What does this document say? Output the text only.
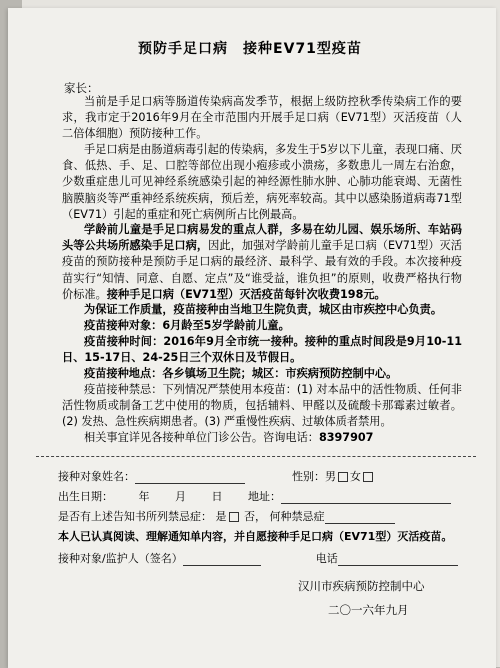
预防手足口病　接种EV71型疫苗
家长：
当前是手足口病等肠道传染病高发季节，根据上级防控秋季传染病工作的要求，我市定于2016年9月在全市范围内开展手足口病（EV71型）灭活疫苗（人二倍体细胞）预防接种工作。
手足口病是由肠道病毒引起的传染病，多发生于5岁以下儿童，表现口痛、厌食、低热、手、足、口腔等部位出现小疱疹或小溃疡，多数患儿一周左右治愈，少数重症患儿可见神经系统感染引起的神经源性肺水肿、心肺功能衰竭、无菌性脑膜脑炎等严重神经系统疾病，预后差，病死率较高。其中以感染肠道病毒71型（EV71）引起的重症和死亡病例所占比例最高。
学龄前儿童是手足口病易发的重点人群，多易在幼儿园、娱乐场所、车站码头等公共场所感染手足口病，因此，加强对学龄前儿童手足口病（EV71型）灭活疫苗的预防接种是预防手足口病的最经济、最科学、最有效的手段。本次接种疫苗实行“知情、同意、自愿、定点”及“谁受益，谁负担”的原则，收费严格执行物价标准。接种手足口病（EV71型）灭活疫苗每针次收费198元。
为保证工作质量，疫苗接种由当地卫生院负责，城区由市疾控中心负责。
疫苗接种对象：6月龄至5岁学龄前儿童。
疫苗接种时间：2016年9月全市统一接种。接种的重点时间段是9月10-11日、15-17日、24-25日三个双休日及节假日。
疫苗接种地点：各乡镇场卫生院；城区：市疾病预防控制中心。
疫苗接种禁忌：下列情况严禁使用本疫苗：(1) 对本品中的活性物质、任何非活性物质或制备工艺中使用的物质，包括辅料、甲醛以及硫酸卡那霉素过敏者。(2) 发热、急性疾病期患者。(3) 严重慢性疾病、过敏体质者禁用。
相关事宜详见各接种单位门诊公告。咨询电话：8397907
接种对象姓名：	性别：男 女
出生日期： 年 月 日 地址：
是否有上述告知书所列禁忌症： 是 否， 何种禁忌症
本人已认真阅读、理解通知单内容，并自愿接种手足口病（EV71型）灭活疫苗。
接种对象/监护人（签名）	电话
汉川市疾病预防控制中心
二〇一六年九月
